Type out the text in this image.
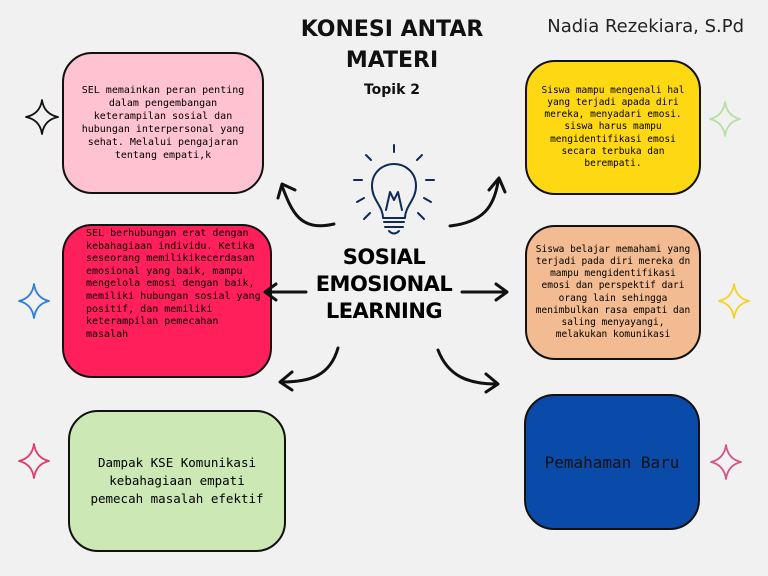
KONESI ANTAR MATERI
Topik 2
Nadia Rezekiara, S.Pd
SEL memainkan peran penting dalam pengembangan keterampilan sosial dan hubungan interpersonal yang sehat. Melalui pengajaran tentang empati,k
SEL berhubungan erat dengan kebahagiaan individu. Ketika seseorang memilikikecerdasan emosional yang baik, mampu mengelola emosi dengan baik, memiliki hubungan sosial yang positif, dan memiliki keterampilan pemecahan masalah
Dampak KSE Komunikasi kebahagiaan empati pemecah masalah efektif
Siswa mampu mengenali hal yang terjadi apada diri mereka, menyadari emosi. siswa harus mampu mengidentifikasi emosi secara terbuka dan berempati.
Siswa belajar memahami yang terjadi pada diri mereka dn mampu mengidentifikasi emosi dan perspektif dari orang lain sehingga menimbulkan rasa empati dan saling menyayangi, melakukan komunikasi
Pemahaman Baru
SOSIAL EMOSIONAL LEARNING
